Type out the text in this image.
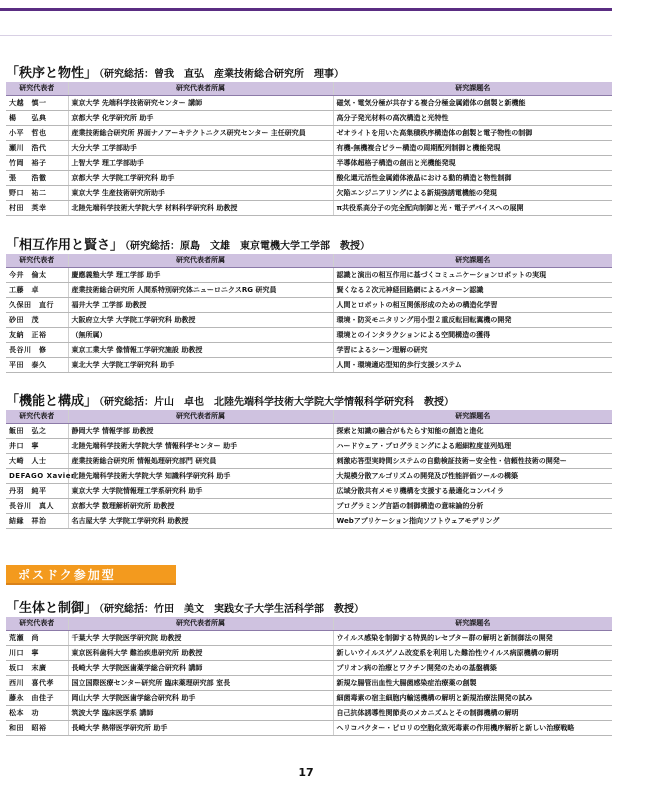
「秩序と物性」 （研究総括：曾我　直弘　産業技術総合研究所　理事）
研究代表者	研究代表者所属	研究課題名
大越　慎一	東京大学 先端科学技術研究センター 講師	磁気・電気分極が共存する複合分極金属錯体の創製と新機能
楊　　弘典	京都大学 化学研究所 助手	高分子発光材料の高次構造と光特性
小平　哲也	産業技術総合研究所 界面ナノアーキテクトニクス研究センター 主任研究員	ゼオライトを用いた高集積秩序構造体の創製と電子物性の制御
瀬川　浩代	大分大学 工学部助手	有機-無機複合ピラー構造の周期配列制御と機能発現
竹岡　裕子	上智大学 理工学部助手	半導体超格子構造の創出と光機能発現
張　　浩徹	京都大学 大学院工学研究科 助手	酸化還元活性金属錯体液晶における動的構造と物性制御
野口　祐二	東京大学 生産技術研究所助手	欠陥エンジニアリングによる新規強誘電機能の発現
村田　英幸	北陸先端科学技術大学院大学 材料科学研究科 助教授	π共役系高分子の完全配向制御と光・電子デバイスへの展開
「相互作用と賢さ」 （研究総括：原島　文雄　東京電機大学工学部　教授）
研究代表者	研究代表者所属	研究課題名
今井　倫太	慶應義塾大学 理工学部 助手	認識と演出の相互作用に基づくコミュニケーションロボットの実現
工藤　卓	産業技術総合研究所 人間系特別研究体ニューロニクスRG 研究員	賢くなる２次元神経回路網によるパターン認識
久保田　直行	福井大学 工学部 助教授	人間とロボットの相互関係形成のための構造化学習
砂田　茂	大阪府立大学 大学院工学研究科 助教授	環境・防災モニタリング用小型２重反転回転翼機の開発
友納　正裕	（無所属）	環境とのインタラクションによる空間構造の獲得
長谷川　修	東京工業大学 像情報工学研究施設 助教授	学習によるシーン理解の研究
平田　泰久	東北大学 大学院工学研究科 助手	人間・環境適応型知的歩行支援システム
「機能と構成」 （研究総括：片山　卓也　北陸先端科学技術大学院大学情報科学研究科　教授）
研究代表者	研究代表者所属	研究課題名
飯田　弘之	静岡大学 情報学部 助教授	探索と知識の融合がもたらす知能の創造と進化
井口　寧	北陸先端科学技術大学院大学 情報科学センター 助手	ハードウェア・プログラミングによる超細粒度並列処理
大崎　人士	産業技術総合研究所 情報処理研究部門 研究員	刺激応答型実時間システムの自動検証技術ー安全性・信頼性技術の開発ー
DEFAGO Xavier	北陸先端科学技術大学院大学 知識科学研究科 助手	大規模分散アルゴリズムの開発及び性能評価ツールの構築
丹羽　純平	東京大学 大学院情報理工学系研究科 助手	広域分散共有メモリ機構を支援する最適化コンパイラ
長谷川　真人	京都大学 数理解析研究所 助教授	プログラミング言語の制御構造の意味論的分析
結縁　祥治	名古屋大学 大学院工学研究科 助教授	Webアプリケーション指向ソフトウェアモデリング
ポスドク参加型
「生体と制御」 （研究総括：竹田　美文　実践女子大学生活科学部　教授）
研究代表者	研究代表者所属	研究課題名
荒瀬　尚	千葉大学 大学院医学研究院 助教授	ウイルス感染を制御する特異的レセプター群の解明と新制御法の開発
川口　寧	東京医科歯科大学 難治疾患研究所 助教授	新しいウイルスゲノム改変系を利用した難治性ウイルス病原機構の解明
坂口　末廣	長崎大学 大学院医歯薬学総合研究科 講師	プリオン病の治療とワクチン開発のための基盤構築
西川　喜代孝	国立国際医療センター研究所 臨床薬理研究部 室長	新規な腸管出血性大腸菌感染症治療薬の創製
藤永　由佳子	岡山大学 大学院医歯学総合研究科 助手	細菌毒素の宿主細胞内輸送機構の解明と新規治療法開発の試み
松本　功	筑波大学 臨床医学系 講師	自己抗体誘導性関節炎のメカニズムとその制御機構の解明
和田　昭裕	長崎大学 熱帯医学研究所 助手	ヘリコバクター・ピロリの空胞化致死毒素の作用機序解析と新しい治療戦略
17
